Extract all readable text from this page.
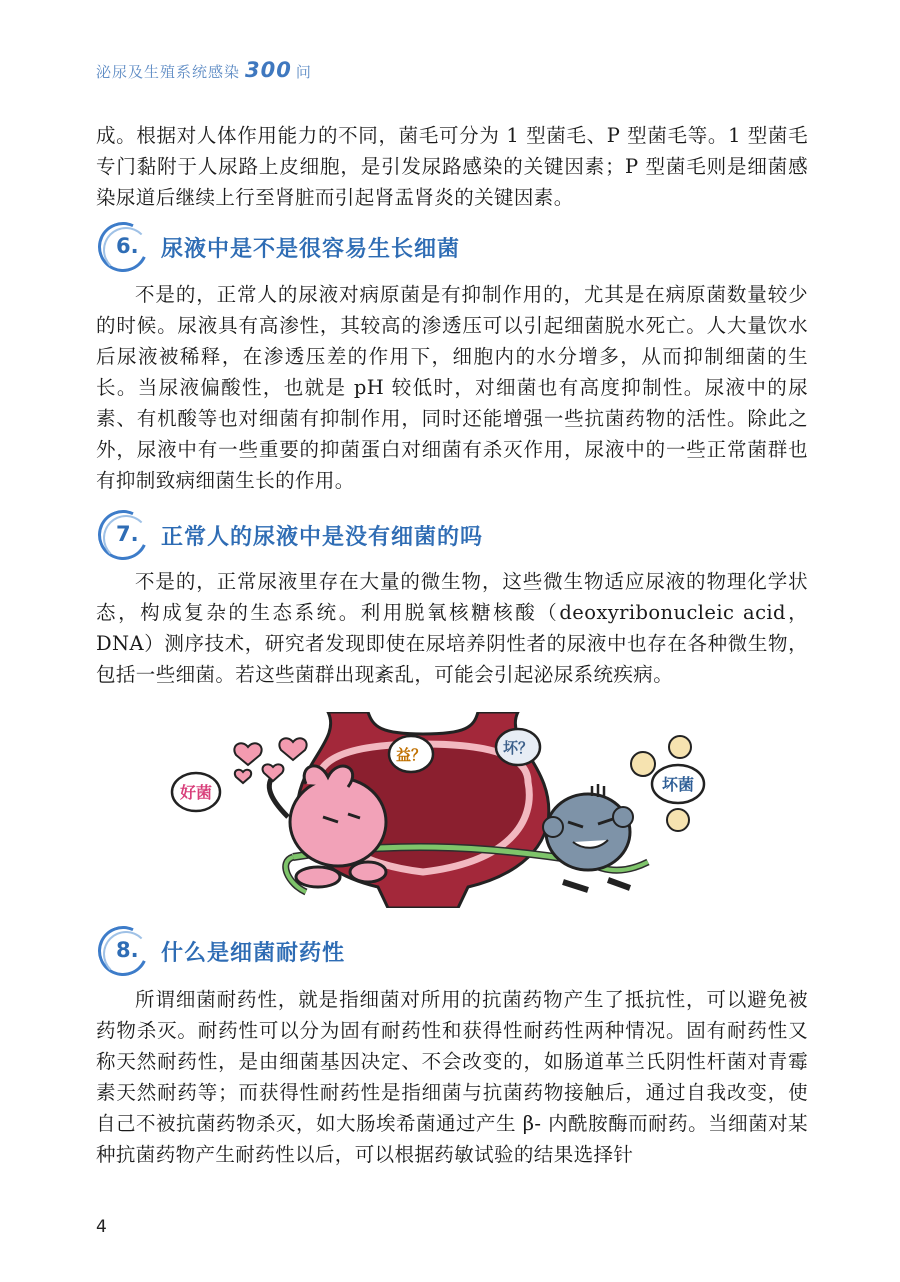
泌尿及生殖系统感染 300 问

成。根据对人体作用能力的不同，菌毛可分为 1 型菌毛、P 型菌毛等。1 型菌毛专门黏附于人尿路上皮细胞，是引发尿路感染的关键因素；P 型菌毛则是细菌感染尿道后继续上行至肾脏而引起肾盂肾炎的关键因素。

6. 尿液中是不是很容易生长细菌

不是的，正常人的尿液对病原菌是有抑制作用的，尤其是在病原菌数量较少的时候。尿液具有高渗性，其较高的渗透压可以引起细菌脱水死亡。人大量饮水后尿液被稀释，在渗透压差的作用下，细胞内的水分增多，从而抑制细菌的生长。当尿液偏酸性，也就是 pH 较低时，对细菌也有高度抑制性。尿液中的尿素、有机酸等也对细菌有抑制作用，同时还能增强一些抗菌药物的活性。除此之外，尿液中有一些重要的抑菌蛋白对细菌有杀灭作用，尿液中的一些正常菌群也有抑制致病细菌生长的作用。

7. 正常人的尿液中是没有细菌的吗

不是的，正常尿液里存在大量的微生物，这些微生物适应尿液的物理化学状态，构成复杂的生态系统。利用脱氧核糖核酸（deoxyribonucleic acid，DNA）测序技术，研究者发现即使在尿培养阴性者的尿液中也存在各种微生物，包括一些细菌。若这些菌群出现紊乱，可能会引起泌尿系统疾病。

好菌
益？	坏？
坏菌
8. 什么是细菌耐药性

所谓细菌耐药性，就是指细菌对所用的抗菌药物产生了抵抗性，可以避免被药物杀灭。耐药性可以分为固有耐药性和获得性耐药性两种情况。固有耐药性又称天然耐药性，是由细菌基因决定、不会改变的，如肠道革兰氏阴性杆菌对青霉素天然耐药等；而获得性耐药性是指细菌与抗菌药物接触后，通过自我改变，使自己不被抗菌药物杀灭，如大肠埃希菌通过产生 β- 内酰胺酶而耐药。当细菌对某种抗菌药物产生耐药性以后，可以根据药敏试验的结果选择针

4
